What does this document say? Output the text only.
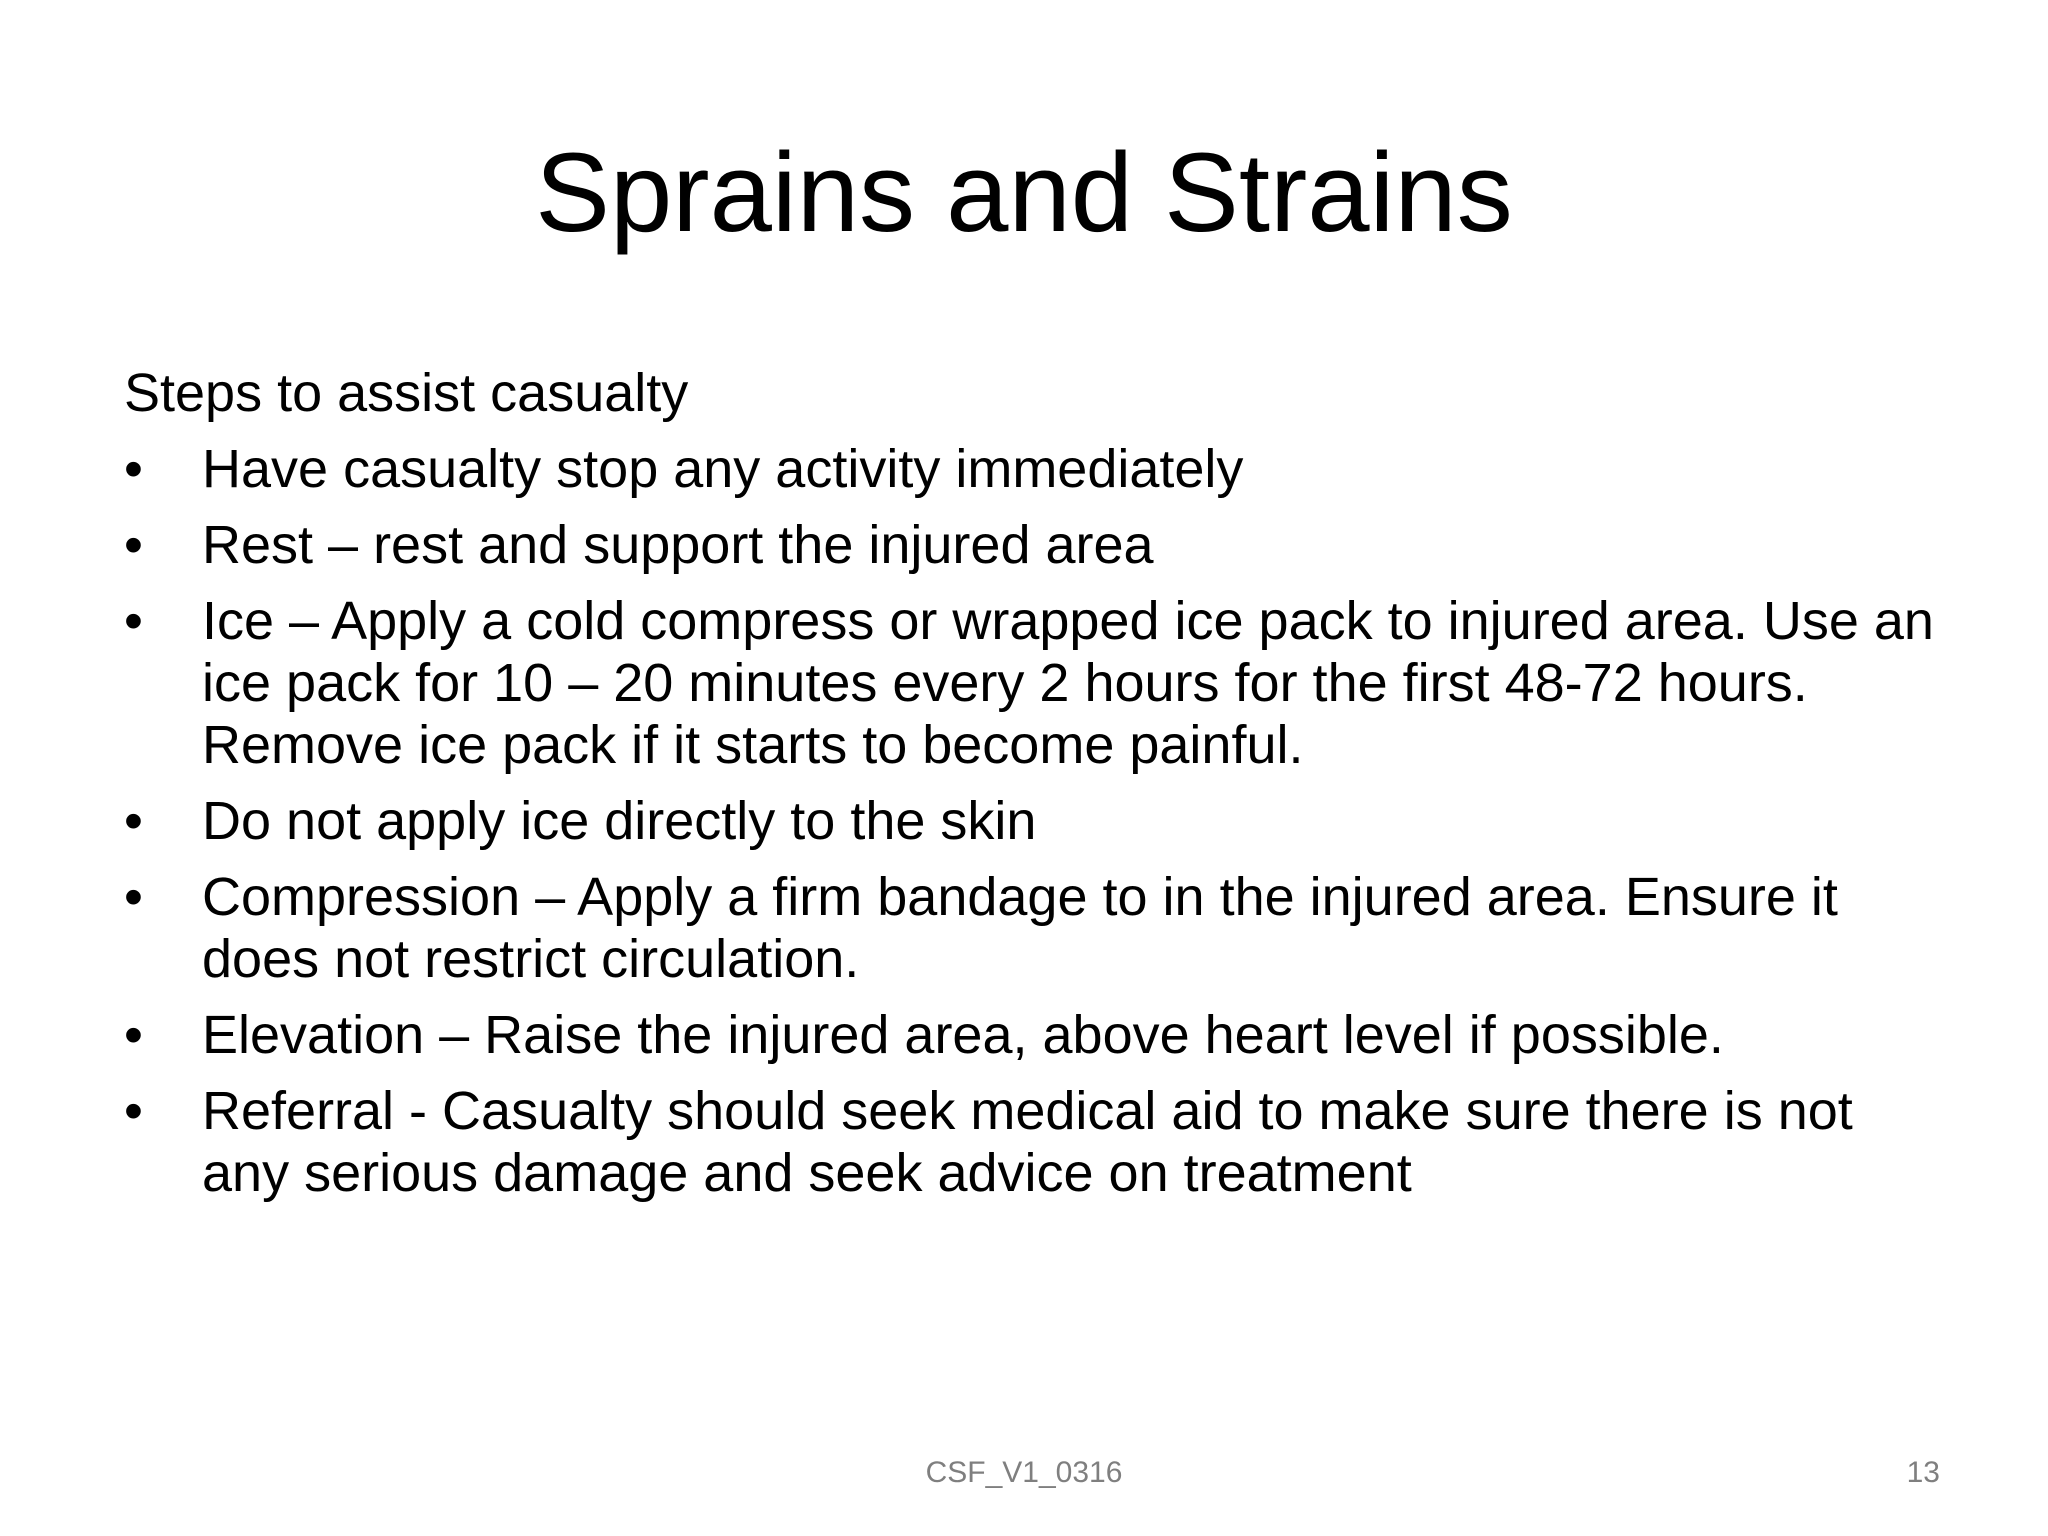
Sprains and Strains
Steps to assist casualty
• Have casualty stop any activity immediately
• Rest – rest and support the injured area
• Ice – Apply a cold compress or wrapped ice pack to injured area. Use an ice pack for 10 – 20 minutes every 2 hours for the first 48-72 hours. Remove ice pack if it starts to become painful.
• Do not apply ice directly to the skin
• Compression – Apply a firm bandage to in the injured area. Ensure it does not restrict circulation.
• Elevation – Raise the injured area, above heart level if possible.
• Referral - Casualty should seek medical aid to make sure there is not any serious damage and seek advice on treatment
CSF_V1_0316	13
